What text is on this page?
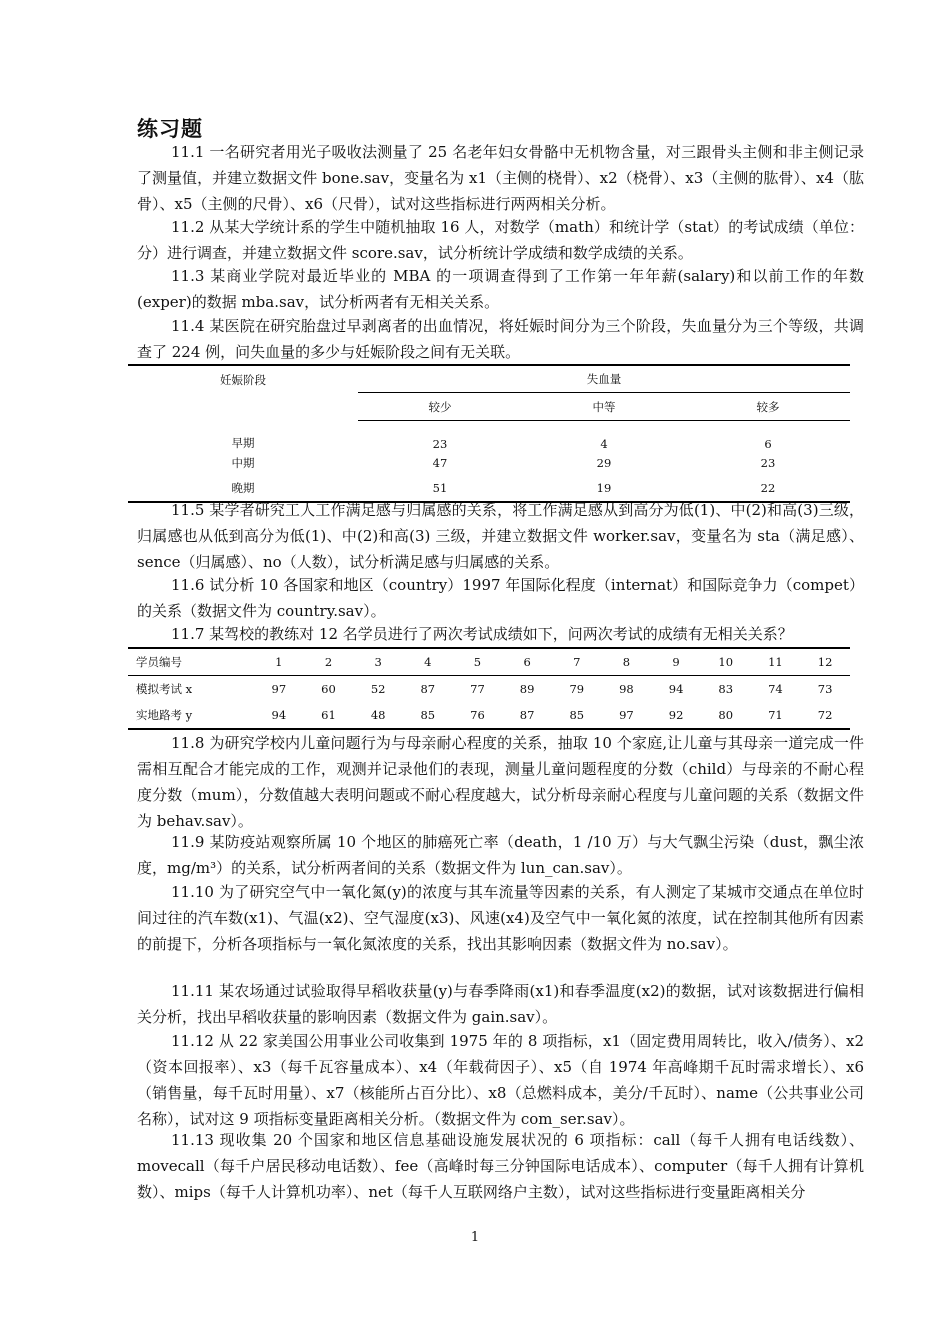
练习题

11.1 一名研究者用光子吸收法测量了 25 名老年妇女骨骼中无机物含量，对三跟骨头主侧和非主侧记录了测量值，并建立数据文件 bone.sav，变量名为 x1（主侧的桡骨）、x2（桡骨）、x3（主侧的肱骨）、x4（肱骨）、x5（主侧的尺骨）、x6（尺骨），试对这些指标进行两两相关分析。

11.2 从某大学统计系的学生中随机抽取 16 人，对数学（math）和统计学（stat）的考试成绩（单位：分）进行调查，并建立数据文件 score.sav，试分析统计学成绩和数学成绩的关系。

11.3 某商业学院对最近毕业的 MBA 的一项调查得到了工作第一年年薪(salary)和以前工作的年数(exper)的数据 mba.sav，试分析两者有无相关关系。

11.4 某医院在研究胎盘过早剥离者的出血情况，将妊娠时间分为三个阶段，失血量分为三个等级，共调查了 224 例，问失血量的多少与妊娠阶段之间有无关联。

妊娠阶段	失血量		
	较少	中等	较多
早期	23	4	6
中期	47	29	23
晚期	51	19	22

11.5 某学者研究工人工作满足感与归属感的关系，将工作满足感从到高分为低(1)、中(2)和高(3)三级，归属感也从低到高分为低(1)、中(2)和高(3) 三级，并建立数据文件 worker.sav，变量名为 sta（满足感）、sence（归属感）、no（人数），试分析满足感与归属感的关系。

11.6 试分析 10 各国家和地区（country）1997 年国际化程度（internat）和国际竞争力（compet）的关系（数据文件为 country.sav）。

11.7 某驾校的教练对 12 名学员进行了两次考试成绩如下，问两次考试的成绩有无相关关系？

学员编号	1	2	3	4	5	6	7	8	9	10	11	12
模拟考试 x	97	60	52	87	77	89	79	98	94	83	74	73
实地路考 y	94	61	48	85	76	87	85	97	92	80	71	72

11.8 为研究学校内儿童问题行为与母亲耐心程度的关系，抽取 10 个家庭,让儿童与其母亲一道完成一件需相互配合才能完成的工作，观测并记录他们的表现，测量儿童问题程度的分数（child）与母亲的不耐心程度分数（mum），分数值越大表明问题或不耐心程度越大，试分析母亲耐心程度与儿童问题的关系（数据文件为 behav.sav）。

11.9 某防疫站观察所属 10 个地区的肺癌死亡率（death，1 /10 万）与大气飘尘污染（dust，飘尘浓度，mg/m³）的关系，试分析两者间的关系（数据文件为 lun_can.sav）。

11.10 为了研究空气中一氧化氮(y)的浓度与其车流量等因素的关系，有人测定了某城市交通点在单位时间过往的汽车数(x1)、气温(x2)、空气湿度(x3)、风速(x4)及空气中一氧化氮的浓度，试在控制其他所有因素的前提下，分析各项指标与一氧化氮浓度的关系，找出其影响因素（数据文件为 no.sav）。

11.11 某农场通过试验取得早稻收获量(y)与春季降雨(x1)和春季温度(x2)的数据，试对该数据进行偏相关分析，找出早稻收获量的影响因素（数据文件为 gain.sav）。

11.12 从 22 家美国公用事业公司收集到 1975 年的 8 项指标，x1（固定费用周转比，收入/债务）、x2（资本回报率）、x3（每千瓦容量成本）、x4（年载荷因子）、x5（自 1974 年高峰期千瓦时需求增长）、x6（销售量，每千瓦时用量）、x7（核能所占百分比）、x8（总燃料成本，美分/千瓦时）、name（公共事业公司名称），试对这 9 项指标变量距离相关分析。（数据文件为 com_ser.sav）。

11.13 现收集 20 个国家和地区信息基础设施发展状况的 6 项指标：call（每千人拥有电话线数）、movecall（每千户居民移动电话数）、fee（高峰时每三分钟国际电话成本）、computer（每千人拥有计算机数）、mips（每千人计算机功率）、net（每千人互联网络户主数），试对这些指标进行变量距离相关分

1
